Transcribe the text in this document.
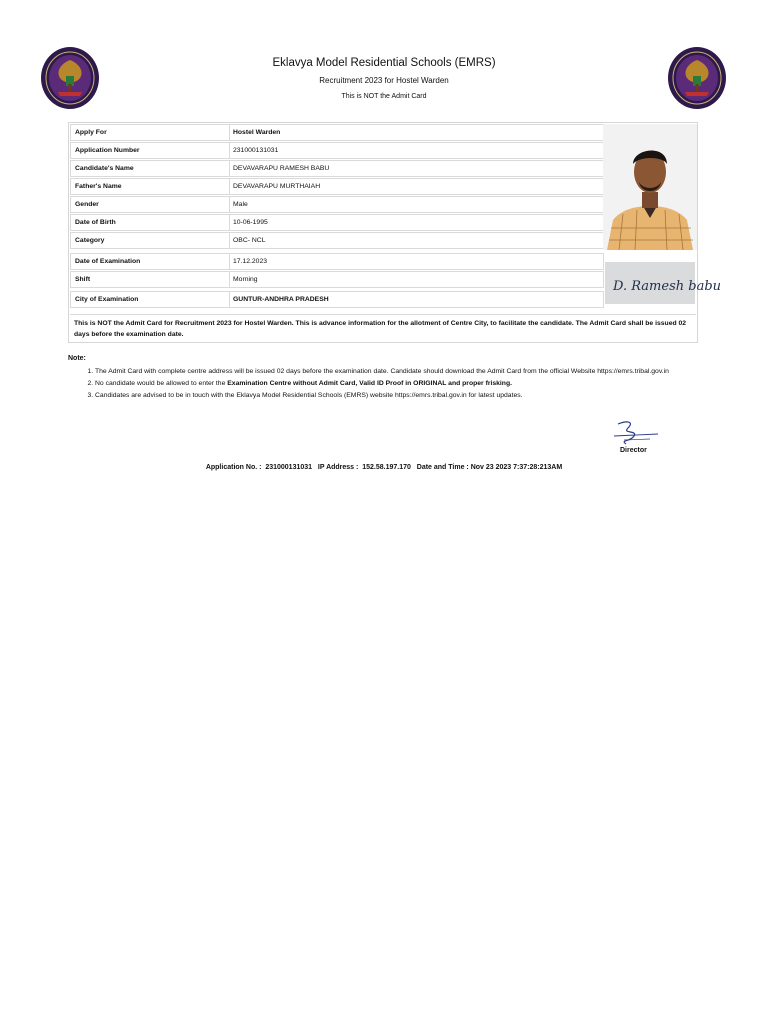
Eklavya Model Residential Schools (EMRS)
Recruitment 2023 for Hostel Warden
This is NOT the Admit Card
Apply For	Hostel Warden
Application Number	231000131031
Candidate's Name	DEVAVARAPU RAMESH BABU
Father's Name	DEVAVARAPU MURTHAIAH
Gender	Male
Date of Birth	10-06-1995
Category	OBC- NCL
Date of Examination	17.12.2023
Shift	Morning
City of Examination	GUNTUR-ANDHRA PRADESH
D. Ramesh babu
This is NOT the Admit Card for Recruitment 2023 for Hostel Warden. This is advance information for the allotment of Centre City, to facilitate the candidate. The Admit Card shall be issued 02 days before the examination date.
Note:
1. The Admit Card with complete centre address will be issued 02 days before the examination date. Candidate should download the Admit Card from the official Website https://emrs.tribal.gov.in
2. No candidate would be allowed to enter the Examination Centre without Admit Card, Valid ID Proof in ORIGINAL and proper frisking.
3. Candidates are advised to be in touch with the Eklavya Model Residential Schools (EMRS) website https://emrs.tribal.gov.in for latest updates.
Director
Application No. : 231000131031 IP Address : 152.58.197.170 Date and Time : Nov 23 2023 7:37:28:213AM
